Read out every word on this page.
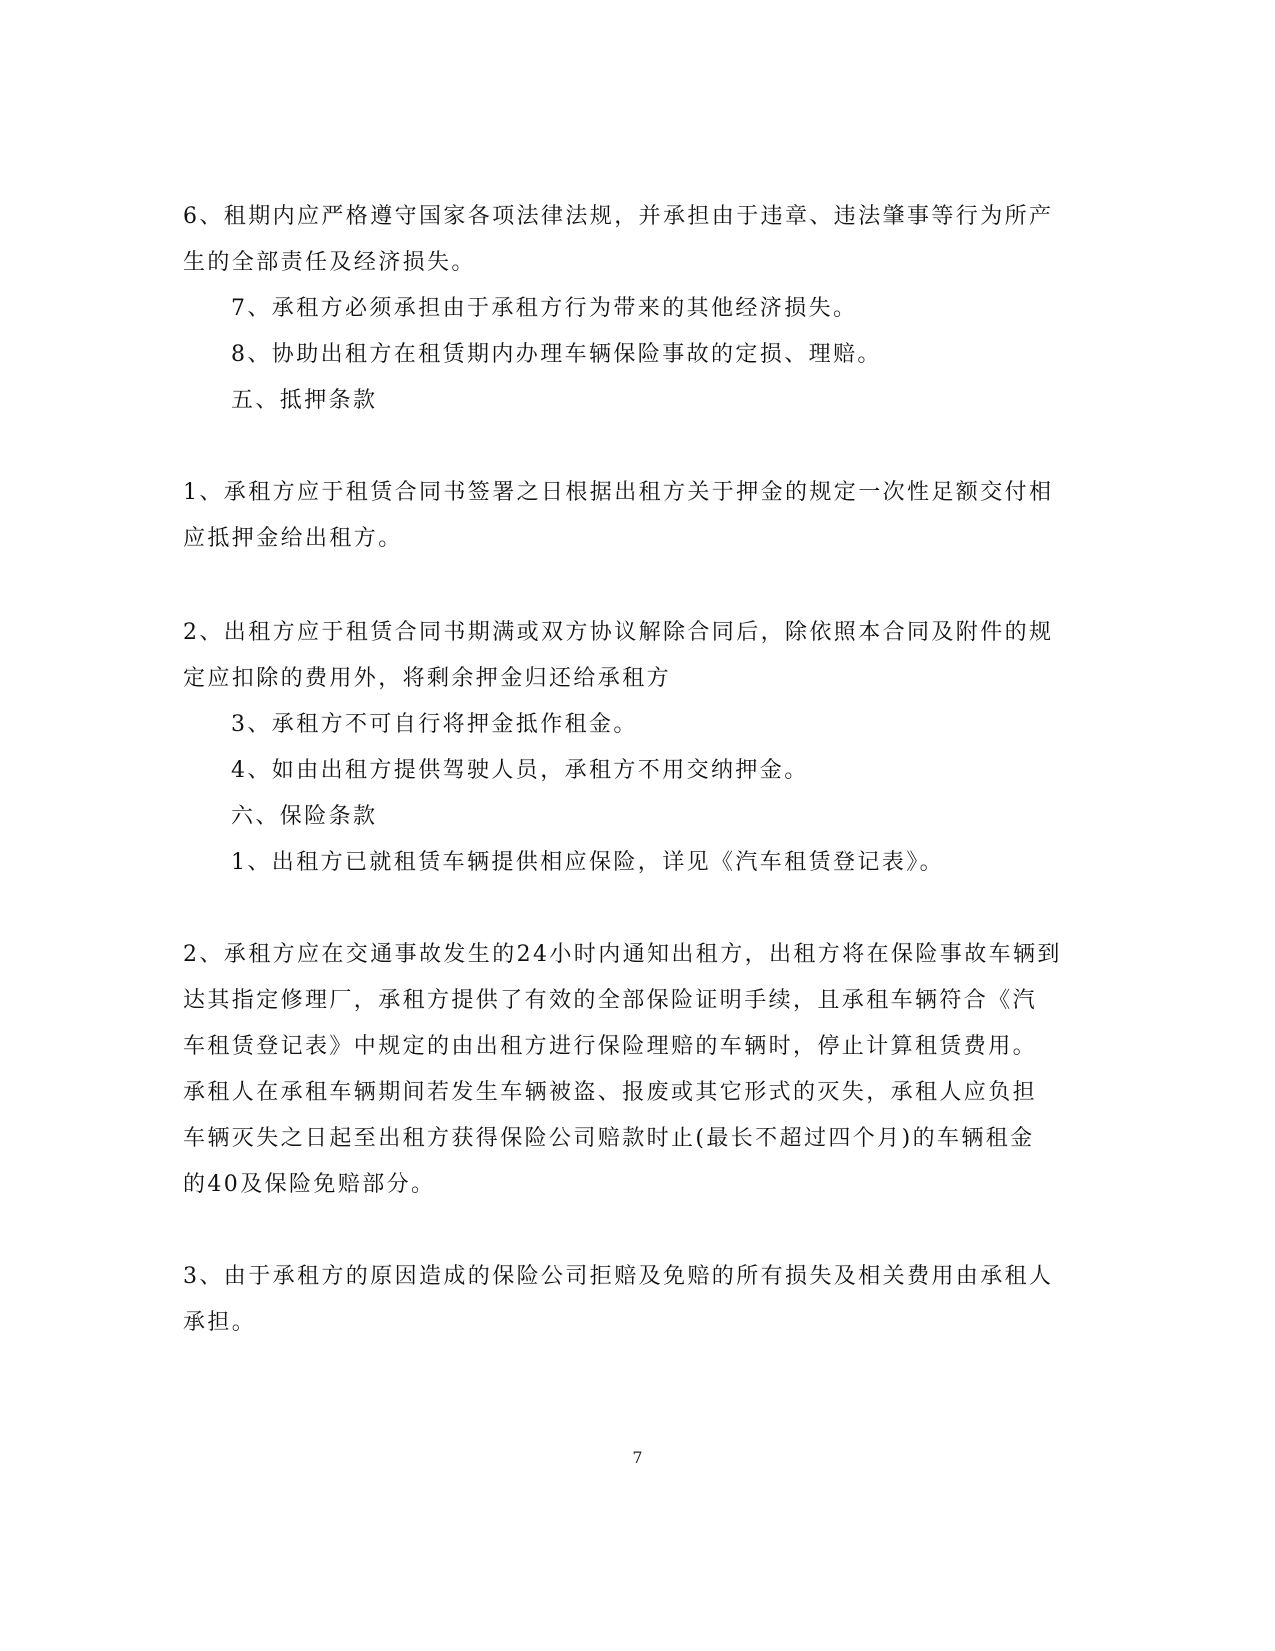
6、租期内应严格遵守国家各项法律法规，并承担由于违章、违法肇事等行为所产
生的全部责任及经济损失。
7、承租方必须承担由于承租方行为带来的其他经济损失。
8、协助出租方在租赁期内办理车辆保险事故的定损、理赔。
五、抵押条款
1、承租方应于租赁合同书签署之日根据出租方关于押金的规定一次性足额交付相
应抵押金给出租方。
2、出租方应于租赁合同书期满或双方协议解除合同后，除依照本合同及附件的规
定应扣除的费用外，将剩余押金归还给承租方
3、承租方不可自行将押金抵作租金。
4、如由出租方提供驾驶人员，承租方不用交纳押金。
六、保险条款
1、出租方已就租赁车辆提供相应保险，详见《汽车租赁登记表》。
2、承租方应在交通事故发生的24小时内通知出租方，出租方将在保险事故车辆到
达其指定修理厂，承租方提供了有效的全部保险证明手续，且承租车辆符合《汽
车租赁登记表》中规定的由出租方进行保险理赔的车辆时，停止计算租赁费用。
承租人在承租车辆期间若发生车辆被盗、报废或其它形式的灭失，承租人应负担
车辆灭失之日起至出租方获得保险公司赔款时止(最长不超过四个月)的车辆租金
的40及保险免赔部分。
3、由于承租方的原因造成的保险公司拒赔及免赔的所有损失及相关费用由承租人
承担。
7
